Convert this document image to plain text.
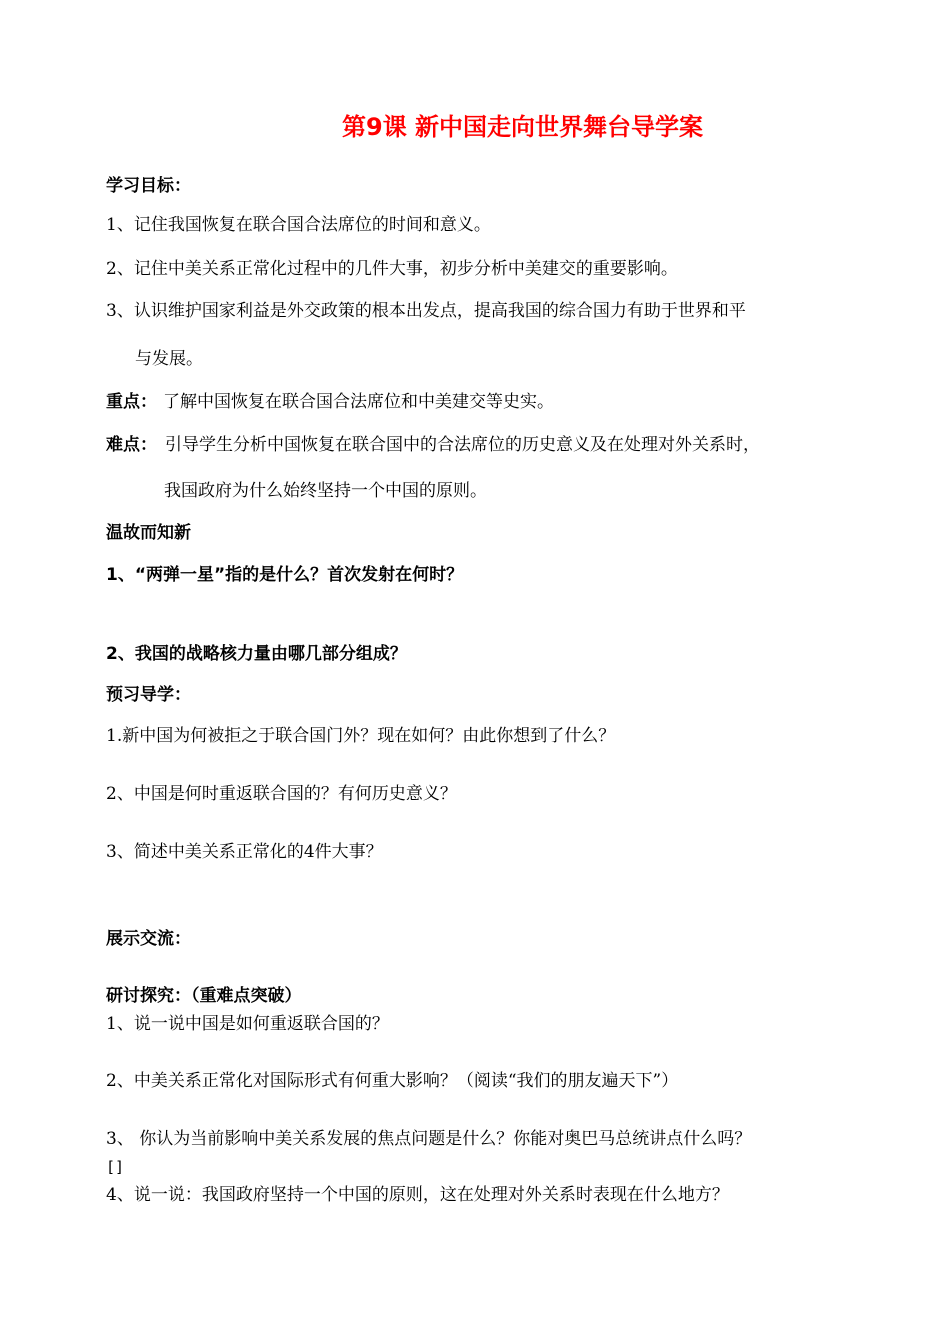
第9课 新中国走向世界舞台导学案
学习目标：
1、记住我国恢复在联合国合法席位的时间和意义。
2、记住中美关系正常化过程中的几件大事，初步分析中美建交的重要影响。
3、认识维护国家利益是外交政策的根本出发点，提高我国的综合国力有助于世界和平
与发展。
重点： 了解中国恢复在联合国合法席位和中美建交等史实。
难点： 引导学生分析中国恢复在联合国中的合法席位的历史意义及在处理对外关系时，
我国政府为什么始终坚持一个中国的原则。
温故而知新
1、“两弹一星”指的是什么？首次发射在何时？
2、我国的战略核力量由哪几部分组成？
预习导学：
1.新中国为何被拒之于联合国门外？现在如何？由此你想到了什么？
2、中国是何时重返联合国的？有何历史意义？
3、简述中美关系正常化的4件大事？
展示交流：
研讨探究：（重难点突破）
1、说一说中国是如何重返联合国的？
2、中美关系正常化对国际形式有何重大影响？（阅读“我们的朋友遍天下”）
3、 你认为当前影响中美关系发展的焦点问题是什么？你能对奥巴马总统讲点什么吗？
[]
4、说一说：我国政府坚持一个中国的原则，这在处理对外关系时表现在什么地方？
